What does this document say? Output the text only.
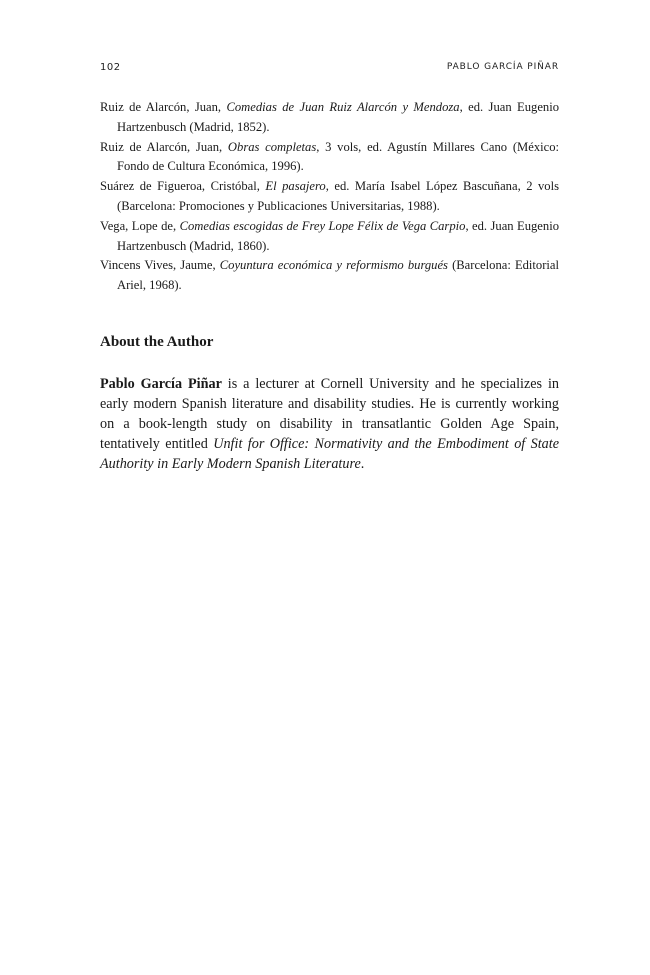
102	PABLO GARCÍA PIÑAR
Ruiz de Alarcón, Juan, Comedias de Juan Ruiz Alarcón y Mendoza, ed. Juan Eugenio Hartzenbusch (Madrid, 1852).
Ruiz de Alarcón, Juan, Obras completas, 3 vols, ed. Agustín Millares Cano (México: Fondo de Cultura Económica, 1996).
Suárez de Figueroa, Cristóbal, El pasajero, ed. María Isabel López Bascuñana, 2 vols (Barcelona: Promociones y Publicaciones Universitarias, 1988).
Vega, Lope de, Comedias escogidas de Frey Lope Félix de Vega Carpio, ed. Juan Eugenio Hartzenbusch (Madrid, 1860).
Vincens Vives, Jaume, Coyuntura económica y reformismo burgués (Barcelona: Editorial Ariel, 1968).
About the Author

Pablo García Piñar is a lecturer at Cornell University and he specializes in early modern Spanish literature and disability studies. He is currently working on a book-length study on disability in transatlantic Golden Age Spain, tentatively entitled Unfit for Office: Normativity and the Embodiment of State Authority in Early Modern Spanish Literature.
